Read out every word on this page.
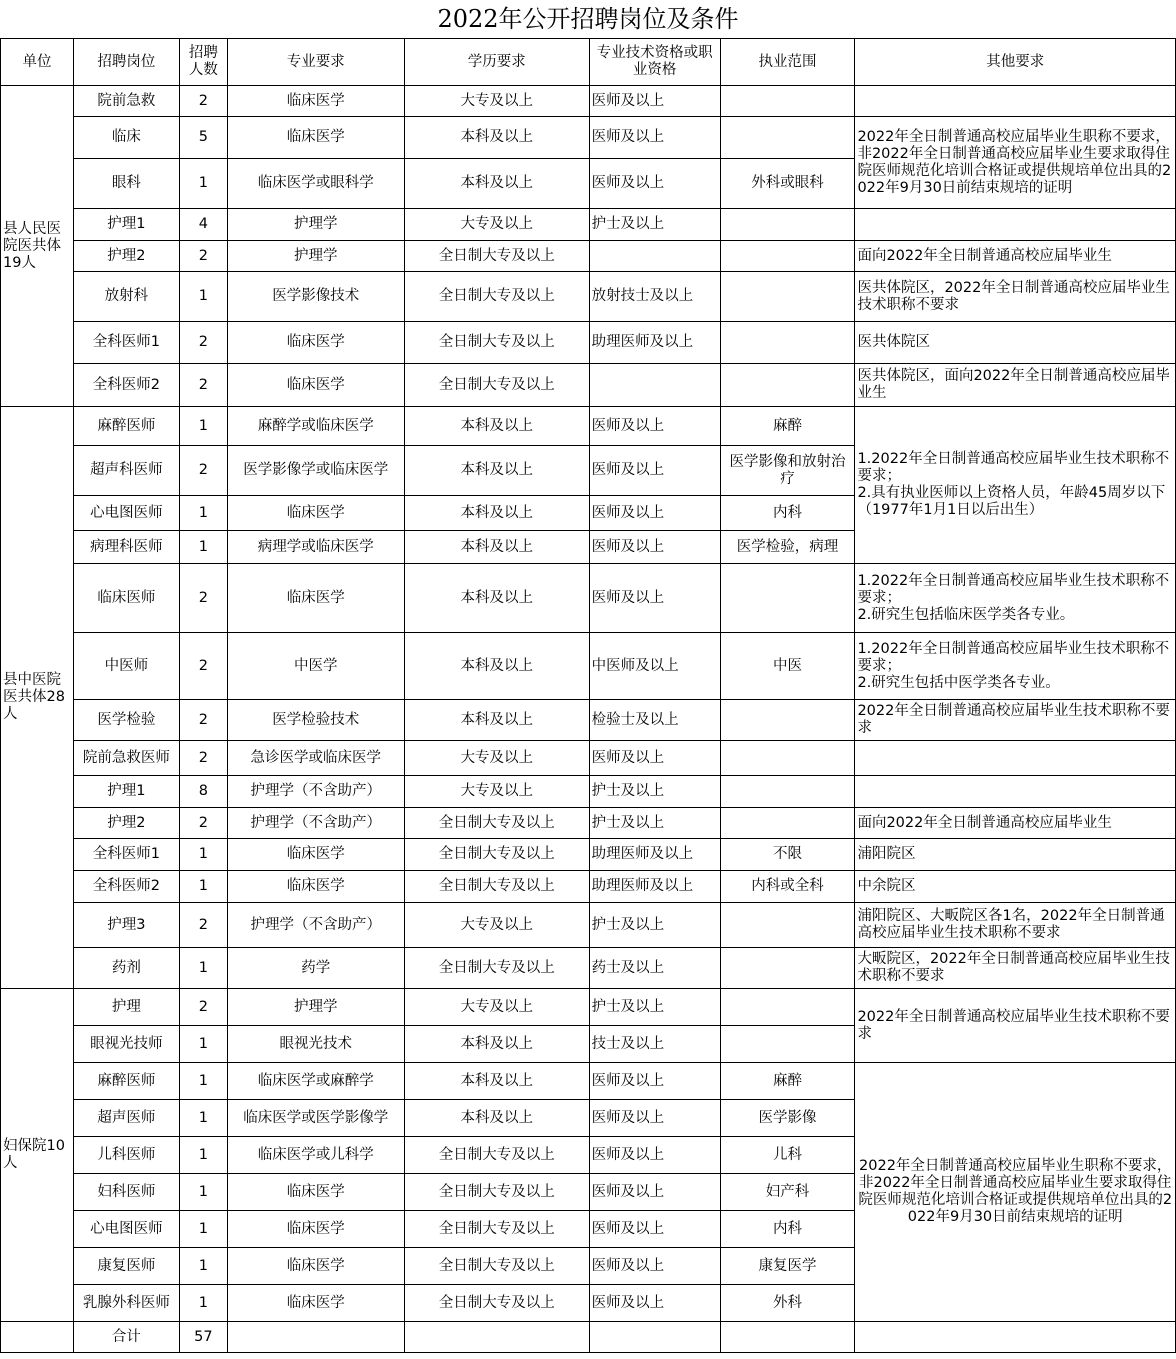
2022年公开招聘岗位及条件
单位	招聘岗位	招聘人数	专业要求	学历要求	专业技术资格或职业资格	执业范围	其他要求
县人民医院医共体19人	院前急救	2	临床医学	大专及以上	医师及以上		
	临床	5	临床医学	本科及以上	医师及以上		2022年全日制普通高校应届毕业生职称不要求，非2022年全日制普通高校应届毕业生要求取得住院医师规范化培训合格证或提供规培单位出具的2022年9月30日前结束规培的证明
	眼科	1	临床医学或眼科学	本科及以上	医师及以上	外科或眼科	
	护理1	4	护理学	大专及以上	护士及以上		
	护理2	2	护理学	全日制大专及以上			面向2022年全日制普通高校应届毕业生
	放射科	1	医学影像技术	全日制大专及以上	放射技士及以上		医共体院区，2022年全日制普通高校应届毕业生技术职称不要求
	全科医师1	2	临床医学	全日制大专及以上	助理医师及以上		医共体院区
	全科医师2	2	临床医学	全日制大专及以上			医共体院区，面向2022年全日制普通高校应届毕业生
县中医院医共体28人	麻醉医师	1	麻醉学或临床医学	本科及以上	医师及以上	麻醉	1.2022年全日制普通高校应届毕业生技术职称不要求；
2.具有执业医师以上资格人员，年龄45周岁以下（1977年1月1日以后出生）
	超声科医师	2	医学影像学或临床医学	本科及以上	医师及以上	医学影像和放射治疗	
	心电图医师	1	临床医学	本科及以上	医师及以上	内科	
	病理科医师	1	病理学或临床医学	本科及以上	医师及以上	医学检验，病理	
	临床医师	2	临床医学	本科及以上	医师及以上		1.2022年全日制普通高校应届毕业生技术职称不要求；
2.研究生包括临床医学类各专业。
	中医师	2	中医学	本科及以上	中医师及以上	中医	1.2022年全日制普通高校应届毕业生技术职称不要求；
2.研究生包括中医学类各专业。
	医学检验	2	医学检验技术	本科及以上	检验士及以上		2022年全日制普通高校应届毕业生技术职称不要求
	院前急救医师	2	急诊医学或临床医学	大专及以上	医师及以上		
	护理1	8	护理学（不含助产）	大专及以上	护士及以上		
	护理2	2	护理学（不含助产）	全日制大专及以上	护士及以上		面向2022年全日制普通高校应届毕业生
	全科医师1	1	临床医学	全日制大专及以上	助理医师及以上	不限	浦阳院区
	全科医师2	1	临床医学	全日制大专及以上	助理医师及以上	内科或全科	中余院区
	护理3	2	护理学（不含助产）	大专及以上	护士及以上		浦阳院区、大畈院区各1名，2022年全日制普通高校应届毕业生技术职称不要求
	药剂	1	药学	全日制大专及以上	药士及以上		大畈院区，2022年全日制普通高校应届毕业生技术职称不要求
妇保院10人	护理	2	护理学	大专及以上	护士及以上		2022年全日制普通高校应届毕业生技术职称不要求
	眼视光技师	1	眼视光技术	本科及以上	技士及以上		
	麻醉医师	1	临床医学或麻醉学	本科及以上	医师及以上	麻醉	2022年全日制普通高校应届毕业生职称不要求，非2022年全日制普通高校应届毕业生要求取得住院医师规范化培训合格证或提供规培单位出具的2022年9月30日前结束规培的证明
	超声医师	1	临床医学或医学影像学	本科及以上	医师及以上	医学影像	
	儿科医师	1	临床医学或儿科学	全日制大专及以上	医师及以上	儿科	
	妇科医师	1	临床医学	全日制大专及以上	医师及以上	妇产科	
	心电图医师	1	临床医学	全日制大专及以上	医师及以上	内科	
	康复医师	1	临床医学	全日制大专及以上	医师及以上	康复医学	
	乳腺外科医师	1	临床医学	全日制大专及以上	医师及以上	外科	
	合计	57					
